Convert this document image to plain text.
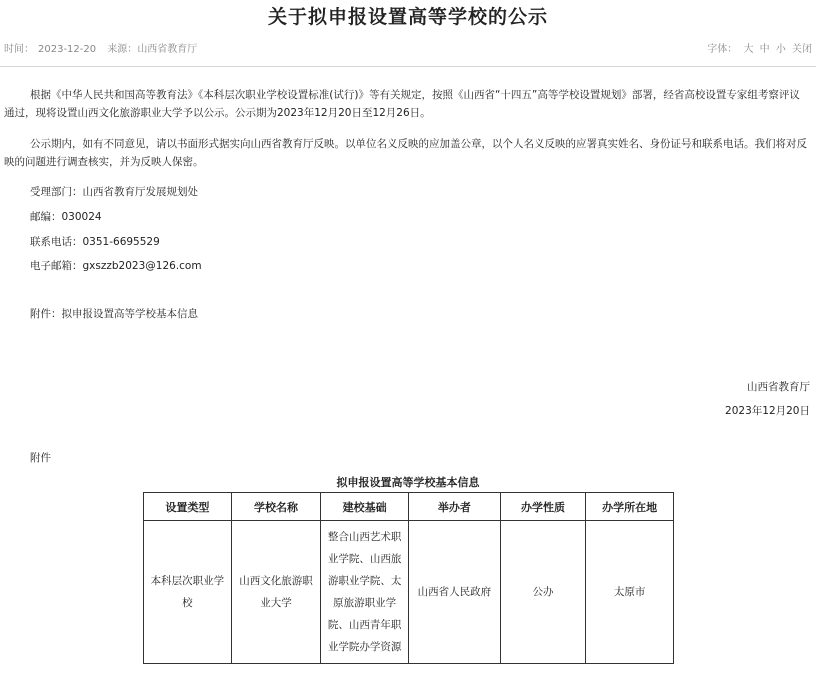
关于拟申报设置高等学校的公示
时间： 2023-12-20 来源：山西省教育厅	字体： 大 中 小 关闭
根据《中华人民共和国高等教育法》《本科层次职业学校设置标准(试行)》等有关规定，按照《山西省“十四五”高等学校设置规划》部署，经省高校设置专家组考察评议通过，现将设置山西文化旅游职业大学予以公示。公示期为2023年12月20日至12月26日。
公示期内，如有不同意见，请以书面形式据实向山西省教育厅反映。以单位名义反映的应加盖公章，以个人名义反映的应署真实姓名、身份证号和联系电话。我们将对反映的问题进行调查核实，并为反映人保密。
受理部门：山西省教育厅发展规划处
邮编：030024
联系电话：0351-6695529
电子邮箱：gxszzb2023@126.com
附件：拟申报设置高等学校基本信息
山西省教育厅
2023年12月20日
附件
拟申报设置高等学校基本信息
设置类型	学校名称	建校基础	举办者	办学性质	办学所在地
本科层次职业学校	山西文化旅游职业大学	整合山西艺术职业学院、山西旅游职业学院、太原旅游职业学院、山西青年职业学院办学资源	山西省人民政府	公办	太原市
